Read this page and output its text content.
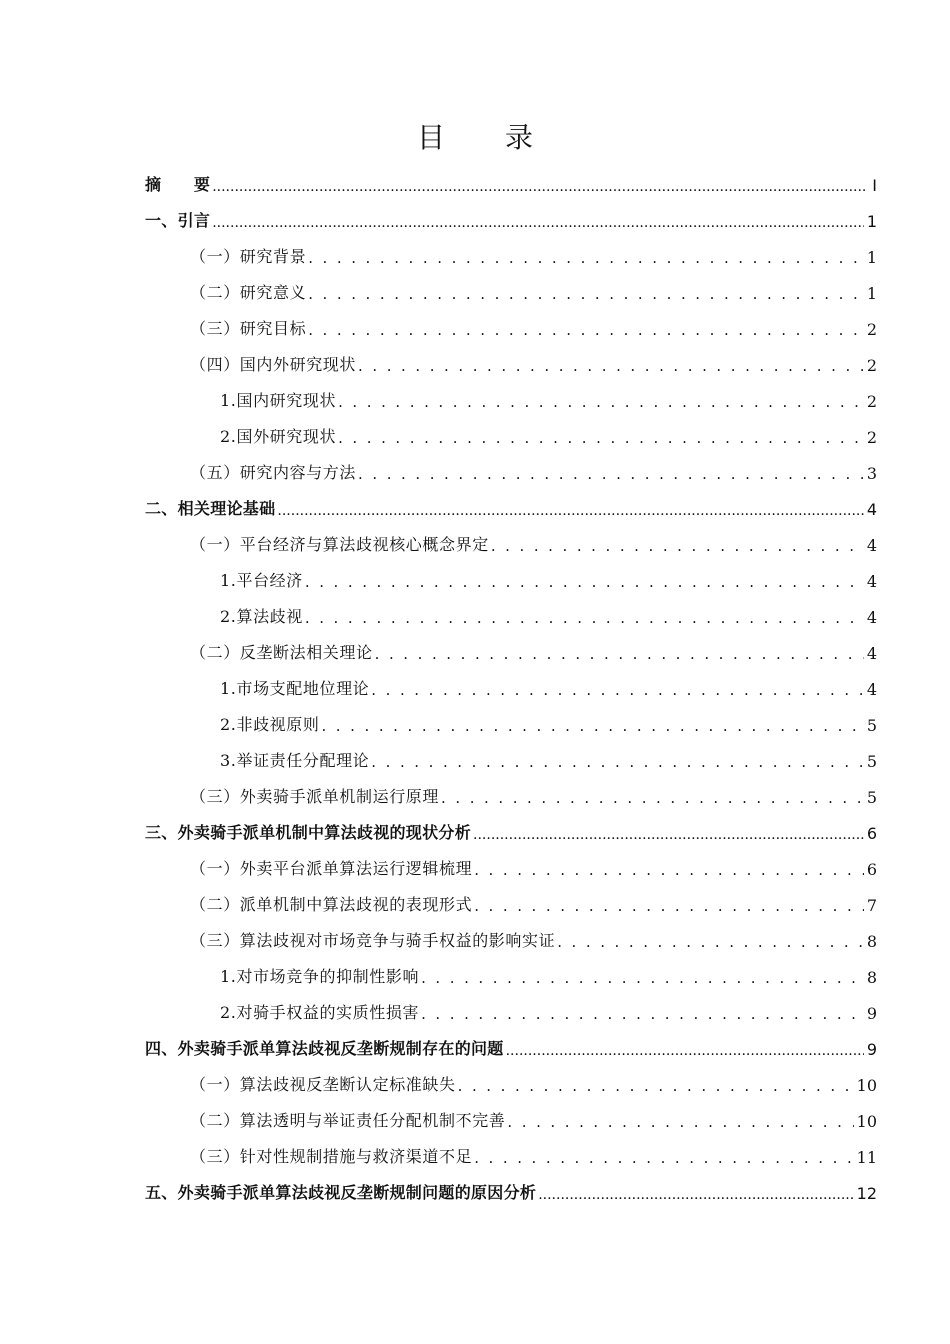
目 录
摘　　要 .....	I
一、引言 .....	1
（一）研究背景 . . .	1
（二）研究意义 . . .	1
（三）研究目标 . . .	2
（四）国内外研究现状 . . .	2
1.国内研究现状 . . .	2
2.国外研究现状 . . .	2
（五）研究内容与方法 . . .	3
二、相关理论基础 .....	4
（一）平台经济与算法歧视核心概念界定 . . .	4
1.平台经济 . . .	4
2.算法歧视 . . .	4
（二）反垄断法相关理论 . . .	4
1.市场支配地位理论 . . .	4
2.非歧视原则 . . .	5
3.举证责任分配理论 . . .	5
（三）外卖骑手派单机制运行原理 . . .	5
三、外卖骑手派单机制中算法歧视的现状分析 .....	6
（一）外卖平台派单算法运行逻辑梳理 . . .	6
（二）派单机制中算法歧视的表现形式 . . .	7
（三）算法歧视对市场竞争与骑手权益的影响实证 . . .	8
1.对市场竞争的抑制性影响 . . .	8
2.对骑手权益的实质性损害 . . .	9
四、外卖骑手派单算法歧视反垄断规制存在的问题 .....	9
（一）算法歧视反垄断认定标准缺失 . . .	10
（二）算法透明与举证责任分配机制不完善 . . .	10
（三）针对性规制措施与救济渠道不足 . . .	11
五、外卖骑手派单算法歧视反垄断规制问题的原因分析 .....	12
